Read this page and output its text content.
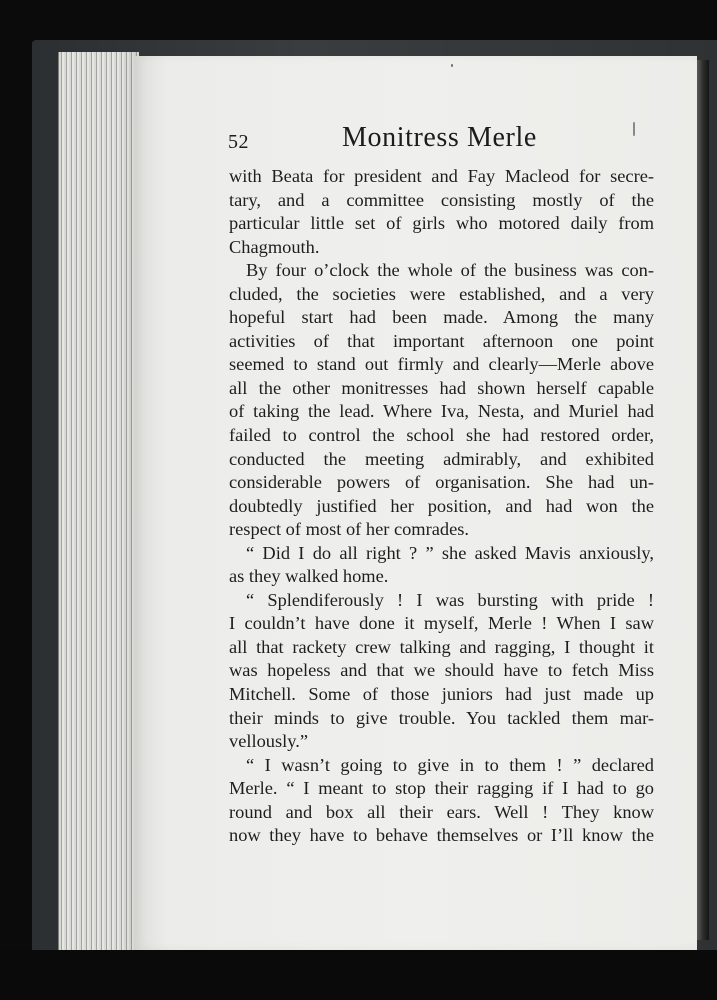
52	Monitress Merle
with Beata for president and Fay Macleod for secre-
tary, and a committee consisting mostly of the
particular little set of girls who motored daily from
Chagmouth.
By four o’clock the whole of the business was con-
cluded, the societies were established, and a very
hopeful start had been made. Among the many
activities of that important afternoon one point
seemed to stand out firmly and clearly—Merle above
all the other monitresses had shown herself capable
of taking the lead. Where Iva, Nesta, and Muriel had
failed to control the school she had restored order,
conducted the meeting admirably, and exhibited
considerable powers of organisation. She had un-
doubtedly justified her position, and had won the
respect of most of her comrades.
“ Did I do all right ? ” she asked Mavis anxiously,
as they walked home.
“ Splendiferously ! I was bursting with pride !
I couldn’t have done it myself, Merle ! When I saw
all that rackety crew talking and ragging, I thought it
was hopeless and that we should have to fetch Miss
Mitchell. Some of those juniors had just made up
their minds to give trouble. You tackled them mar-
vellously.”
“ I wasn’t going to give in to them ! ” declared
Merle. “ I meant to stop their ragging if I had to go
round and box all their ears. Well ! They know
now they have to behave themselves or I’ll know the
